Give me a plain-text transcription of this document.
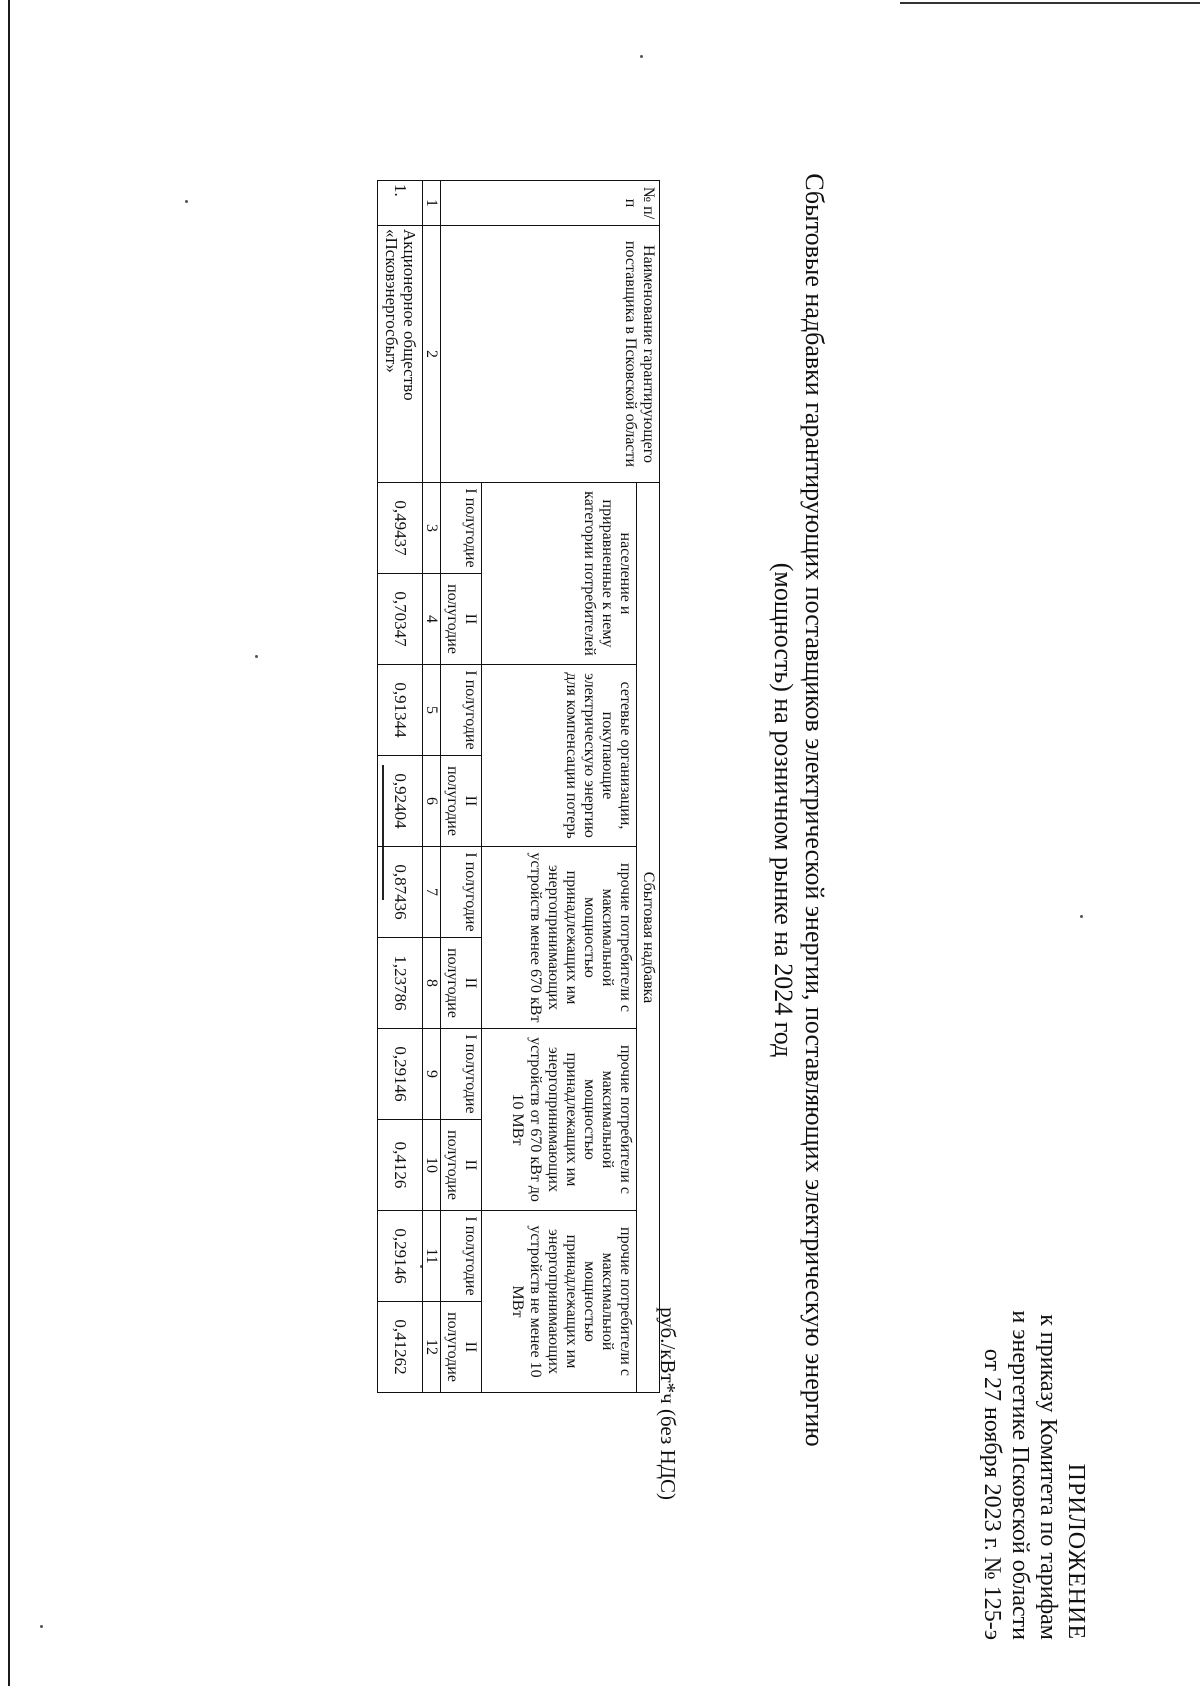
ПРИЛОЖЕНИЕ
к приказу Комитета по тарифам
и энергетике Псковской области
от 27 ноября 2023 г. № 125-э
Сбытовые надбавки гарантирующих поставщиков электрической энергии, поставляющих электрическую энергию
(мощность) на розничном рынке на 2024 год
руб./кВт*ч (без НДС)
№ п/п	Наименование гарантирующего поставщика в Псковской области	Сбытовая надбавка									
		население и приравненные к нему категории потребителей		сетевые организации, покупающие электрическую энергию для компенсации потерь		прочие потребители с максимальной мощностью принадлежащих им энергопринимающих устройств менее 670 кВт		прочие потребители с максимальной мощностью принадлежащих им энергопринимающих устройств от 670 кВт до 10 МВт		прочие потребители с максимальной мощностью принадлежащих им энергопринимающих устройств не менее 10 МВт	
		I полугодие	II полугодие	I полугодие	II полугодие	I полугодие	II полугодие	I полугодие	II полугодие	I полугодие	II полугодие
1	2	3	4	5	6	7	8	9	10	11	12
1.	Акционерное общество «Псковэнергосбыт»	0,49437	0,70347	0,91344	0,92404	0,87436	1,23786	0,29146	0,4126	0,29146	0,41262
